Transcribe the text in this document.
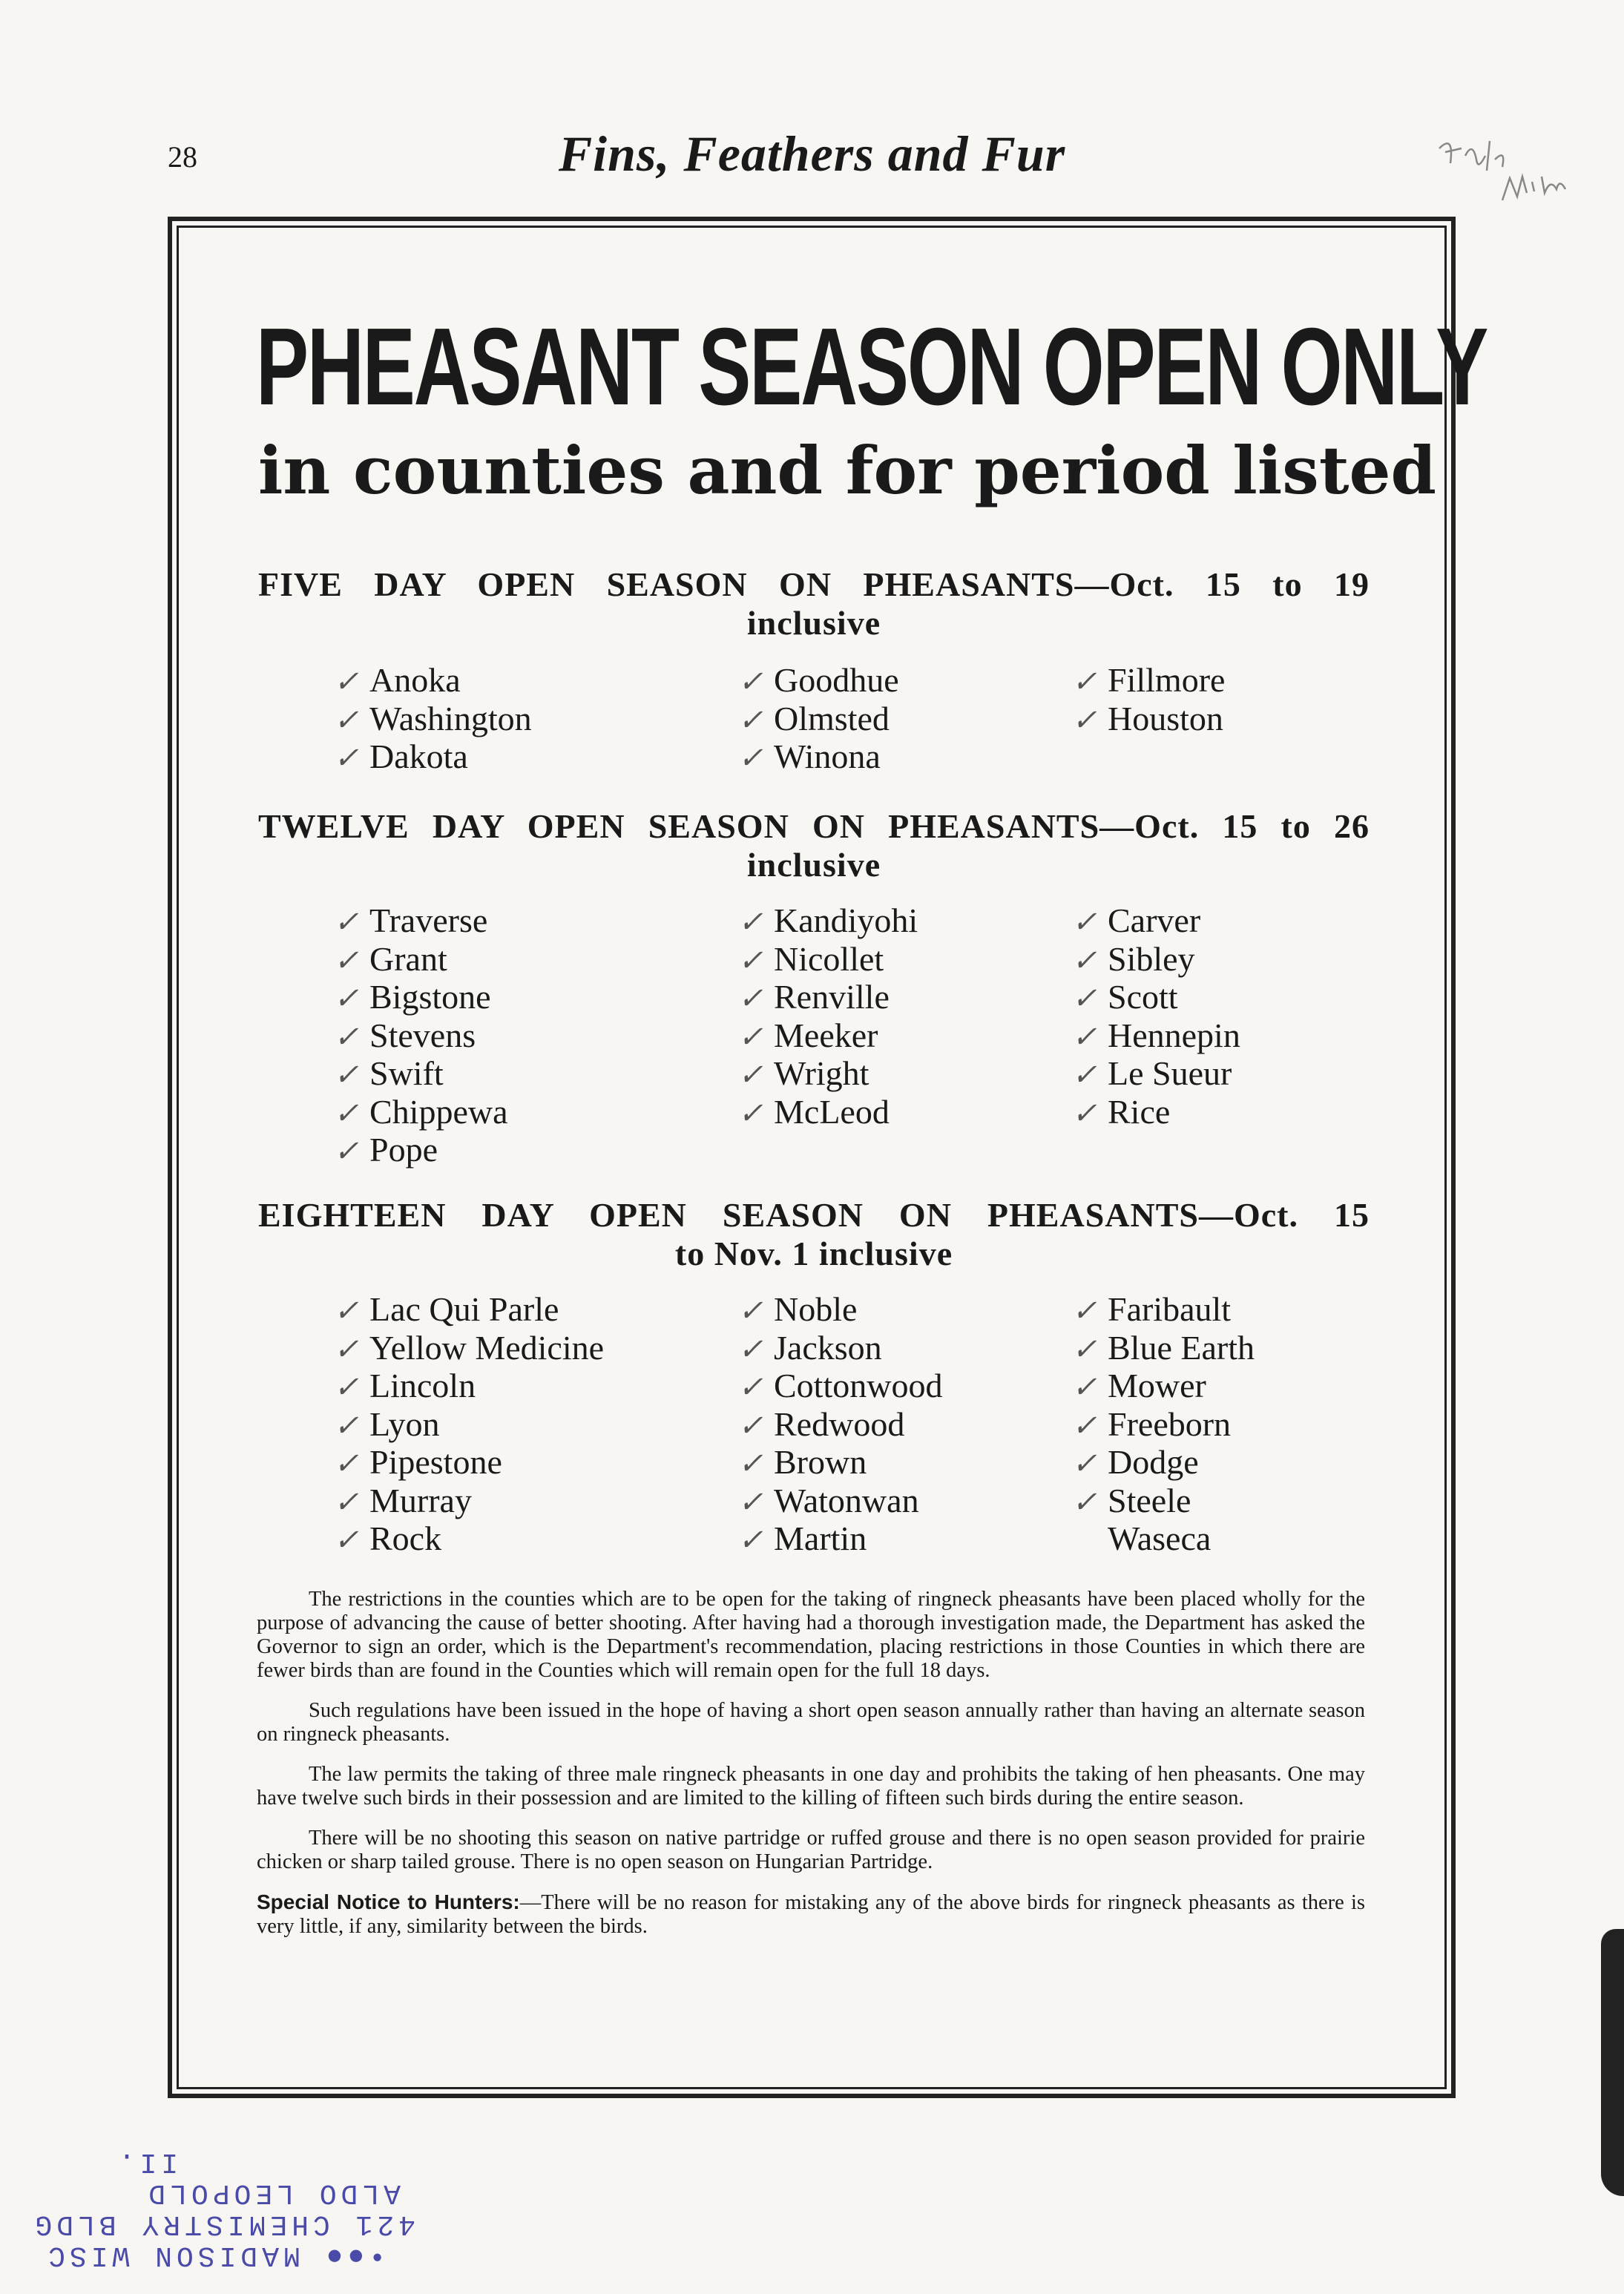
28	Fins, Feathers and Fur
PHEASANT SEASON OPEN ONLY
in counties and for period listed
FIVE DAY OPEN SEASON ON PHEASANTS—Oct. 15 to 19
inclusive
✓ Anoka
✓ Washington
✓ Dakota
✓ Goodhue
✓ Olmsted
✓ Winona
✓ Fillmore
✓ Houston
TWELVE DAY OPEN SEASON ON PHEASANTS—Oct. 15 to 26
inclusive
✓ Traverse
✓ Grant
✓ Bigstone
✓ Stevens
✓ Swift
✓ Chippewa
✓ Pope
✓ Kandiyohi
✓ Nicollet
✓ Renville
✓ Meeker
✓ Wright
✓ McLeod
✓ Carver
✓ Sibley
✓ Scott
✓ Hennepin
✓ Le Sueur
✓ Rice
EIGHTEEN DAY OPEN SEASON ON PHEASANTS—Oct. 15
to Nov. 1 inclusive
✓ Lac Qui Parle
✓ Yellow Medicine
✓ Lincoln
✓ Lyon
✓ Pipestone
✓ Murray
✓ Rock
✓ Noble
✓ Jackson
✓ Cottonwood
✓ Redwood
✓ Brown
✓ Watonwan
✓ Martin
✓ Faribault
✓ Blue Earth
✓ Mower
✓ Freeborn
✓ Dodge
✓ Steele
Waseca

The restrictions in the counties which are to be open for the taking of ringneck pheasants have been placed wholly for the purpose of advancing the cause of better shooting. After having had a thorough investigation made, the Department has asked the Governor to sign an order, which is the Department's recommendation, placing restrictions in those Counties in which there are fewer birds than are found in the Counties which will remain open for the full 18 days.

Such regulations have been issued in the hope of having a short open season annually rather than having an alternate season on ringneck pheasants.

The law permits the taking of three male ringneck pheasants in one day and prohibits the taking of hen pheasants. One may have twelve such birds in their possession and are limited to the killing of fifteen such birds during the entire season.

There will be no shooting this season on native partridge or ruffed grouse and there is no open season provided for prairie chicken or sharp tailed grouse. There is no open season on Hungarian Partridge.

Special Notice to Hunters:—There will be no reason for mistaking any of the above birds for ringneck pheasants as there is very little, if any, similarity between the birds.

•●● MADISON WISC
421 CHEMISTRY BLDG
ALDO LEOPOLD
II.
